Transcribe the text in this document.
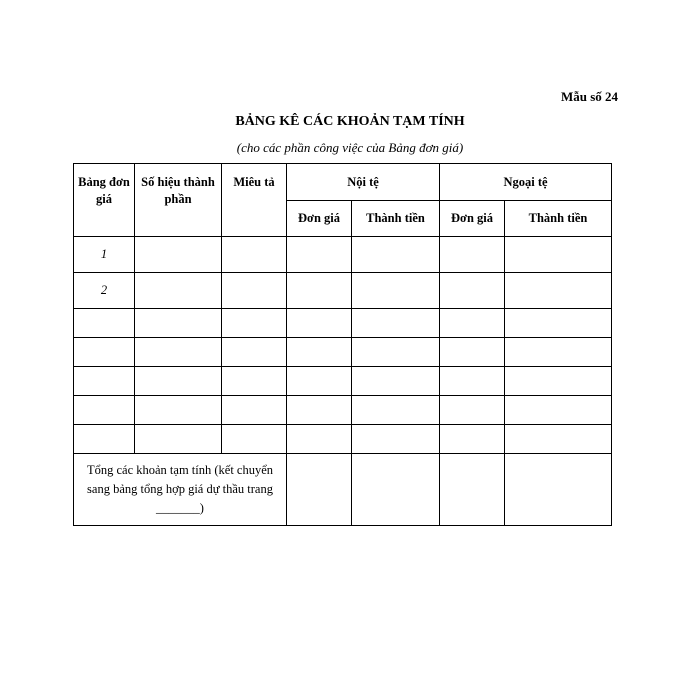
Mẫu số 24
BẢNG KÊ CÁC KHOẢN TẠM TÍNH
(cho các phần công việc của Bảng đơn giá)
Bảng đơn giá	Số hiệu thành phần	Miêu tả	Nội tệ		Ngoại tệ	
			Đơn giá	Thành tiền	Đơn giá	Thành tiền
1						
2						

Tổng các khoản tạm tính (kết chuyển sang bảng tổng hợp giá dự thầu trang _______)						
